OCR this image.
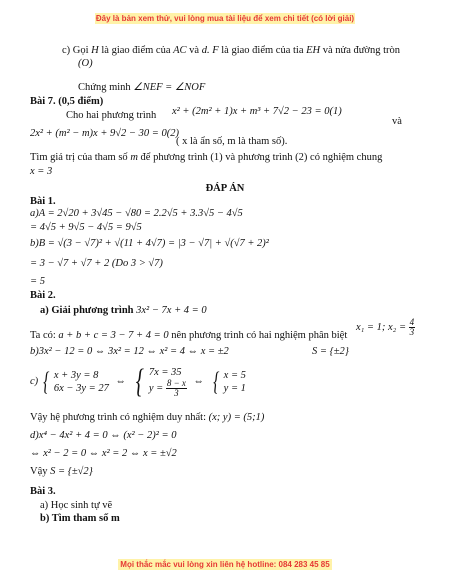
Đây là bản xem thử, vui lòng mua tài liệu để xem chi tiết (có lời giải)
c) Gọi H là giao điểm của AC và d. F là giao điểm của tia EH và nửa đường tròn
(O)
Chứng minh ∠NEF = ∠NOF
Bài 7. (0,5 điểm)
Cho hai phương trình x² + (2m² + 1)x + m³ + 7√2 − 23 = 0(1)
và
2x² + (m² − m)x + 9√2 − 30 = 0(2)
( x là ẩn số, m là tham số).
Tìm giá trị của tham số m để phương trình (1) và phương trình (2) có nghiệm chung
x = 3
ĐÁP ÁN
Bài 1.
a)A = 2√20 + 3√45 − √80 = 2.2√5 + 3.3√5 − 4√5
= 4√5 + 9√5 − 4√5 = 9√5
b)B = √(3 − √7)² + √(11 + 4√7) = |3 − √7| + √(√7 + 2)²
= 3 − √7 + √7 + 2 (Do 3 > √7)
= 5
Bài 2.
a) Giải phương trình 3x² − 7x + 4 = 0
Ta có: a + b + c = 3 − 7 + 4 = 0 nên phương trình có hai nghiệm phân biệt
x₁ = 1; $x_2 = \frac{4}{3}$
b)3x² − 12 = 0 ⇔ 3x² = 12 ⇔ x² = 4 ⇔ x = ±2	S = {±2}
c) { x + 3y = 8
6x − 3y = 27
⇔ { 7x = 35
$y = \frac{8 - x}{3}$ ⇔ { x = 5
y = 1
Vậy hệ phương trình có nghiệm duy nhất: (x; y) = (5;1)
d)x⁴ − 4x² + 4 = 0 ⇔ (x² − 2)² = 0
⇔ x² − 2 = 0 ⇔ x² = 2 ⇔ x = ±√2
Vậy S = {±√2}
Bài 3.
a) Học sinh tự vẽ
b) Tìm tham số m
Mọi thắc mắc vui lòng xin liên hệ hotline: 084 283 45 85
